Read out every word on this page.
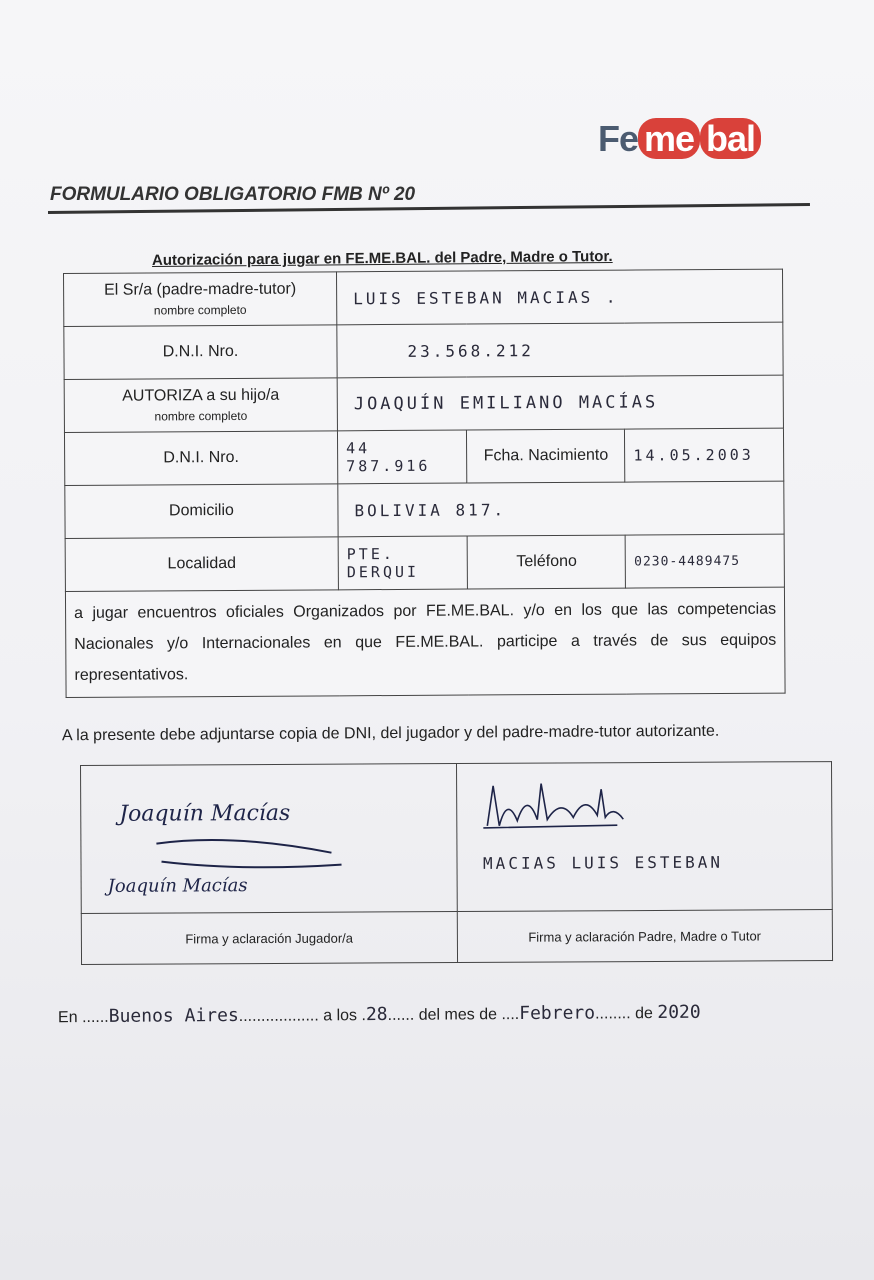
Fe me bal
FORMULARIO OBLIGATORIO FMB Nº 20
Autorización para jugar en FE.ME.BAL. del Padre, Madre o Tutor.
El Sr/a (padre-madre-tutor)
nombre completo	LUIS ESTEBAN MACIAS .		
D.N.I. Nro.	23.568.212		
AUTORIZA a su hijo/a
nombre completo	JOAQUÍN EMILIANO MACÍAS		
D.N.I. Nro.	44 787.916	Fcha. Nacimiento	14.05.2003
Domicilio	BOLIVIA 817.		
Localidad	PTE. DERQUI	Teléfono	0230-4489475
a jugar encuentros oficiales Organizados por FE.ME.BAL. y/o en los que las competencias Nacionales y/o Internacionales en que FE.ME.BAL. participe a través de sus equipos representativos.			
A la presente debe adjuntarse copia de DNI, del jugador y del padre-madre-tutor autorizante.
Joaquín Macías
Joaquín Macías	MACIAS LUIS ESTEBAN

Firma y aclaración Jugador/a	Firma y aclaración Padre, Madre o Tutor
En ......Buenos Aires.................. a los .28...... del mes de ....Febrero........ de 2020
